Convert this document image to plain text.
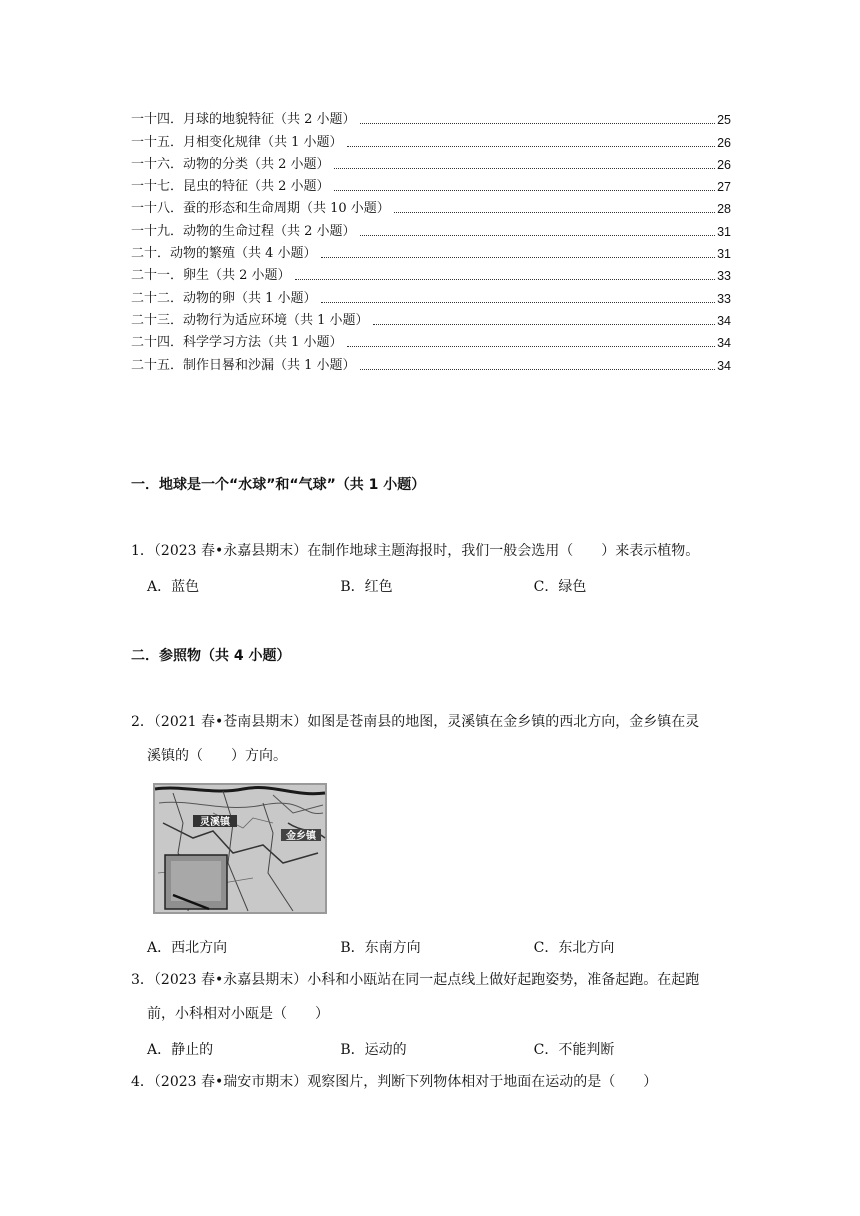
一十四．月球的地貌特征（共 2 小题）	25
一十五．月相变化规律（共 1 小题）	26
一十六．动物的分类（共 2 小题）	26
一十七．昆虫的特征（共 2 小题）	27
一十八．蚕的形态和生命周期（共 10 小题）	28
一十九．动物的生命过程（共 2 小题）	31
二十．动物的繁殖（共 4 小题）	31
二十一．卵生（共 2 小题）	33
二十二．动物的卵（共 1 小题）	33
二十三．动物行为适应环境（共 1 小题）	34
二十四．科学学习方法（共 1 小题）	34
二十五．制作日晷和沙漏（共 1 小题）	34
一．地球是一个“水球”和“气球”（共 1 小题）
1．（2023 春•永嘉县期末）在制作地球主题海报时，我们一般会选用（　　）来表示植物。
A．蓝色	B．红色	C．绿色
二．参照物（共 4 小题）
2．（2021 春•苍南县期末）如图是苍南县的地图，灵溪镇在金乡镇的西北方向，金乡镇在灵
溪镇的（　　）方向。
灵溪镇
金乡镇
A．西北方向	B．东南方向	C．东北方向
3．（2023 春•永嘉县期末）小科和小瓯站在同一起点线上做好起跑姿势，准备起跑。在起跑
前，小科相对小瓯是（　　）
A．静止的	B．运动的	C．不能判断
4．（2023 春•瑞安市期末）观察图片，判断下列物体相对于地面在运动的是（　　）
